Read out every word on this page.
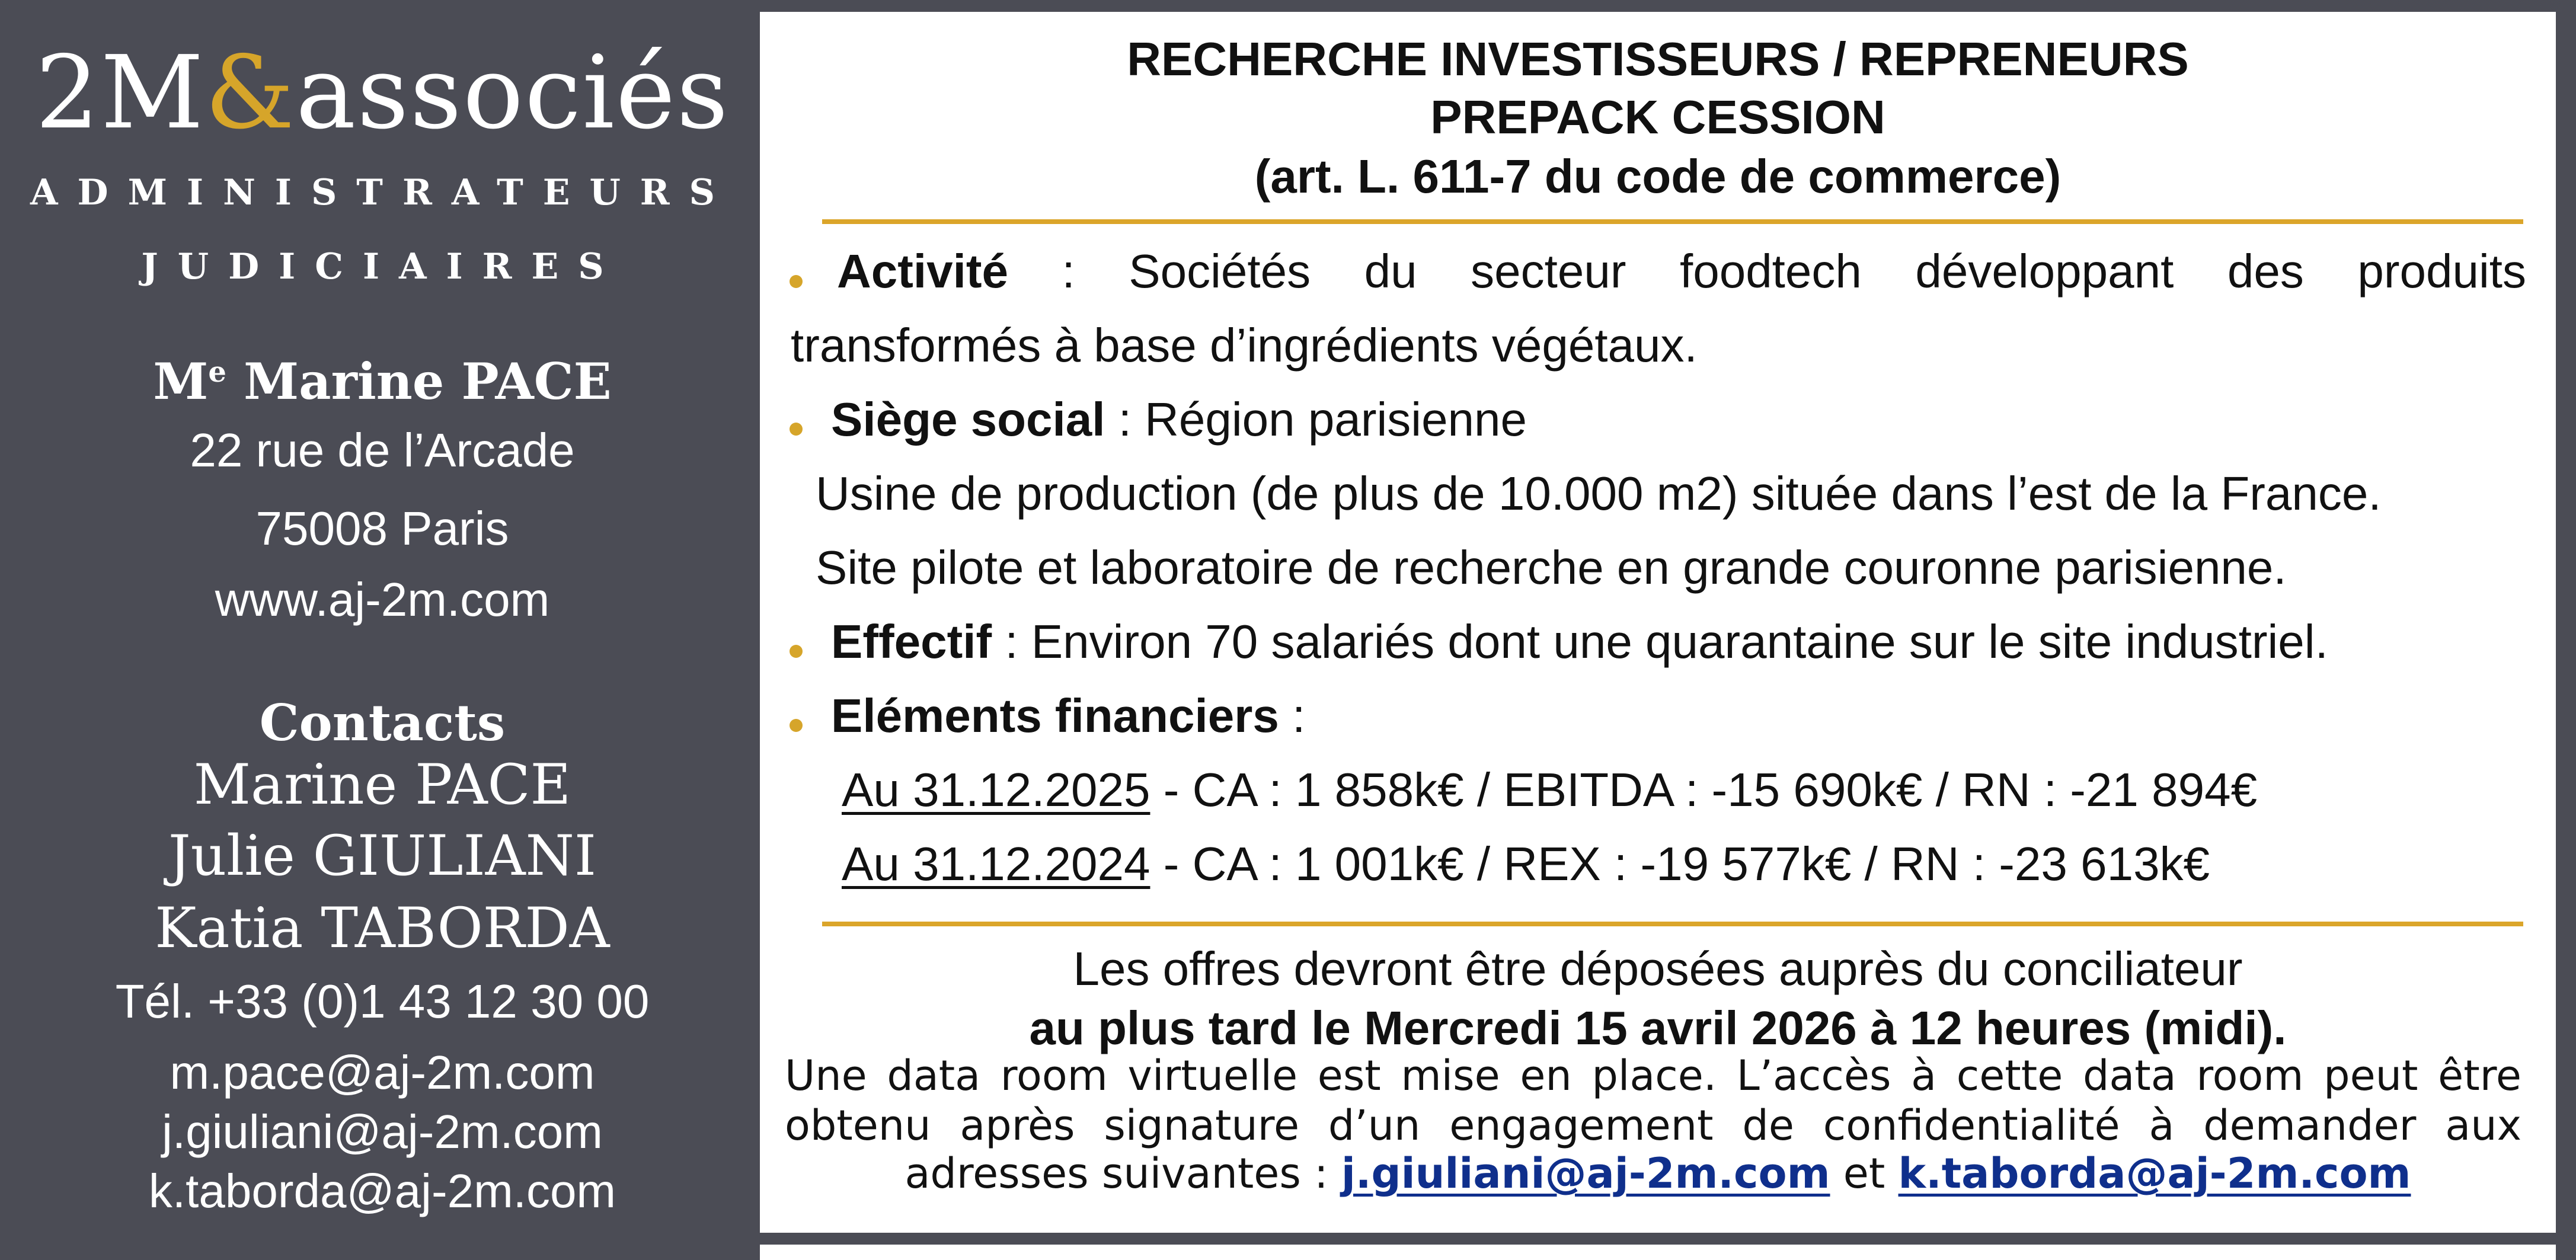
2M&associés
ADMINISTRATEURS
JUDICIAIRES
Me Marine PACE
22 rue de l’Arcade
75008 Paris
www.aj-2m.com
Contacts
Marine PACE
Julie GIULIANI
Katia TABORDA
Tél. +33 (0)1 43 12 30 00
m.pace@aj-2m.com
j.giuliani@aj-2m.com
k.taborda@aj-2m.com
RECHERCHE INVESTISSEURS / REPRENEURS
PREPACK CESSION
(art. L. 611-7 du code de commerce)
Activité : Sociétés du secteur foodtech développant des produits
transformés à base d’ingrédients végétaux.
Siège social : Région parisienne
Usine de production (de plus de 10.000 m2) située dans l’est de la France.
Site pilote et laboratoire de recherche en grande couronne parisienne.
Effectif : Environ 70 salariés dont une quarantaine sur le site industriel.
Eléments financiers :
Au 31.12.2025 - CA : 1 858k€ / EBITDA : -15 690k€ / RN : -21 894€
Au 31.12.2024 - CA : 1 001k€ / REX : -19 577k€ / RN : -23 613k€
Les offres devront être déposées auprès du conciliateur
au plus tard le Mercredi 15 avril 2026 à 12 heures (midi).
Une data room virtuelle est mise en place. L’accès à cette data room peut être
obtenu après signature d’un engagement de confidentialité à demander aux
adresses suivantes : j.giuliani@aj-2m.com et k.taborda@aj-2m.com
